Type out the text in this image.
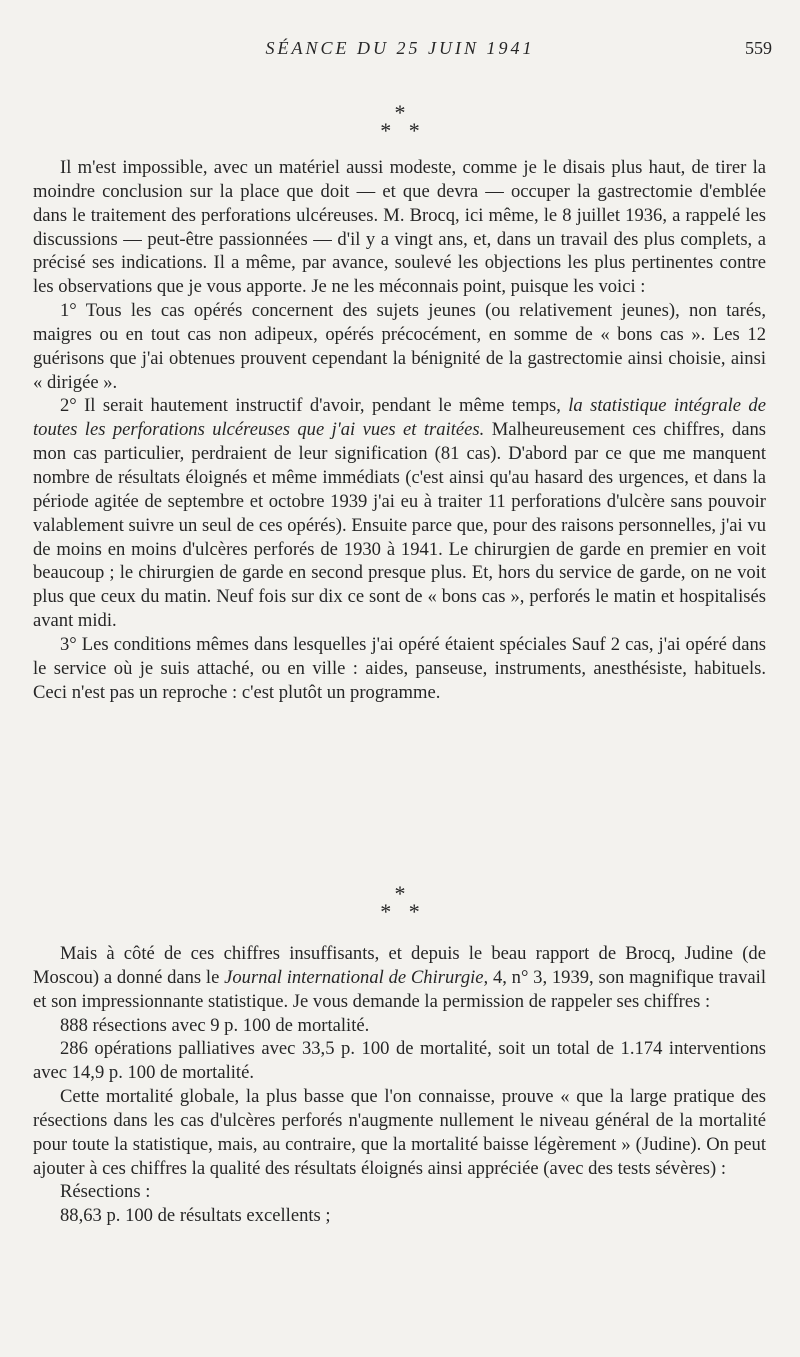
SÉANCE DU 25 JUIN 1941	559
*
* *

Il m'est impossible, avec un matériel aussi modeste, comme je le disais plus haut, de tirer la moindre conclusion sur la place que doit — et que devra — occuper la gastrectomie d'emblée dans le traitement des perforations ulcéreuses. M. Brocq, ici même, le 8 juillet 1936, a rappelé les discussions — peut-être passionnées — d'il y a vingt ans, et, dans un travail des plus complets, a précisé ses indications. Il a même, par avance, soulevé les objections les plus pertinentes contre les observations que je vous apporte. Je ne les méconnais point, puisque les voici :

1° Tous les cas opérés concernent des sujets jeunes (ou relativement jeunes), non tarés, maigres ou en tout cas non adipeux, opérés précocément, en somme de « bons cas ». Les 12 guérisons que j'ai obtenues prouvent cependant la bénignité de la gastrectomie ainsi choisie, ainsi « dirigée ».

2° Il serait hautement instructif d'avoir, pendant le même temps, la statistique intégrale de toutes les perforations ulcéreuses que j'ai vues et traitées. Malheureusement ces chiffres, dans mon cas particulier, perdraient de leur signification (81 cas). D'abord par ce que me manquent nombre de résultats éloignés et même immédiats (c'est ainsi qu'au hasard des urgences, et dans la période agitée de septembre et octobre 1939 j'ai eu à traiter 11 perforations d'ulcère sans pouvoir valablement suivre un seul de ces opérés). Ensuite parce que, pour des raisons personnelles, j'ai vu de moins en moins d'ulcères perforés de 1930 à 1941. Le chirurgien de garde en premier en voit beaucoup ; le chirurgien de garde en second presque plus. Et, hors du service de garde, on ne voit plus que ceux du matin. Neuf fois sur dix ce sont de « bons cas », perforés le matin et hospitalisés avant midi.

3° Les conditions mêmes dans lesquelles j'ai opéré étaient spéciales Sauf 2 cas, j'ai opéré dans le service où je suis attaché, ou en ville : aides, panseuse, instruments, anesthésiste, habituels. Ceci n'est pas un reproche : c'est plutôt un programme.

*
* *

Mais à côté de ces chiffres insuffisants, et depuis le beau rapport de Brocq, Judine (de Moscou) a donné dans le Journal international de Chirurgie, 4, n° 3, 1939, son magnifique travail et son impressionnante statistique. Je vous demande la permission de rappeler ses chiffres :

888 résections avec 9 p. 100 de mortalité.

286 opérations palliatives avec 33,5 p. 100 de mortalité, soit un total de 1.174 interventions avec 14,9 p. 100 de mortalité.

Cette mortalité globale, la plus basse que l'on connaisse, prouve « que la large pratique des résections dans les cas d'ulcères perforés n'augmente nullement le niveau général de la mortalité pour toute la statistique, mais, au contraire, que la mortalité baisse légèrement » (Judine). On peut ajouter à ces chiffres la qualité des résultats éloignés ainsi appréciée (avec des tests sévères) :

Résections :

88,63 p. 100 de résultats excellents ;
